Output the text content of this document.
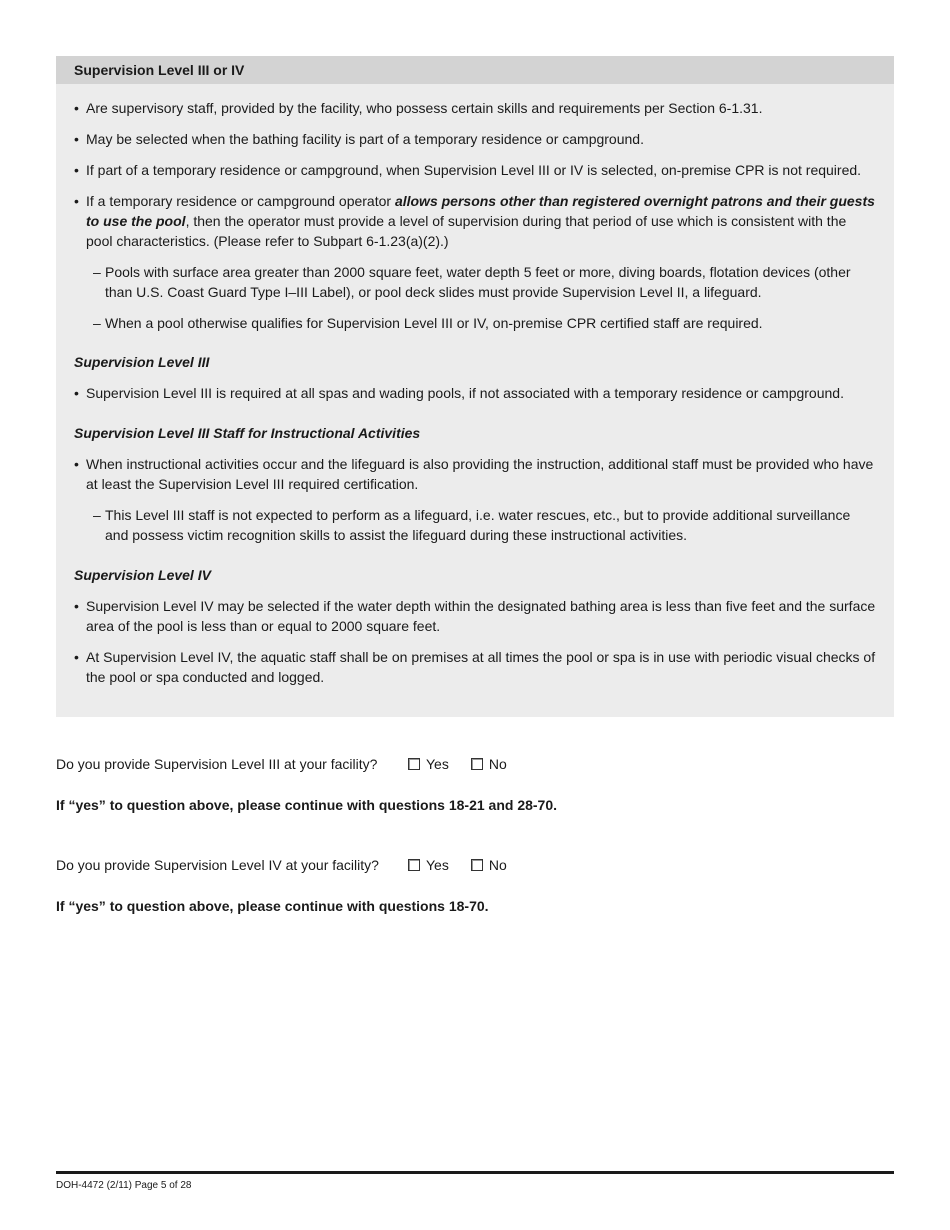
Supervision Level III or IV
• Are supervisory staff, provided by the facility, who possess certain skills and requirements per Section 6-1.31.
• May be selected when the bathing facility is part of a temporary residence or campground.
• If part of a temporary residence or campground, when Supervision Level III or IV is selected, on-premise CPR is not required.
• If a temporary residence or campground operator allows persons other than registered overnight patrons and their guests to use the pool, then the operator must provide a level of supervision during that period of use which is consistent with the pool characteristics. (Please refer to Subpart 6-1.23(a)(2).)
– Pools with surface area greater than 2000 square feet, water depth 5 feet or more, diving boards, flotation devices (other than U.S. Coast Guard Type I–III Label), or pool deck slides must provide Supervision Level II, a lifeguard.
– When a pool otherwise qualifies for Supervision Level III or IV, on-premise CPR certified staff are required.
Supervision Level III
• Supervision Level III is required at all spas and wading pools, if not associated with a temporary residence or campground.
Supervision Level III Staff for Instructional Activities
• When instructional activities occur and the lifeguard is also providing the instruction, additional staff must be provided who have at least the Supervision Level III required certification.
– This Level III staff is not expected to perform as a lifeguard, i.e. water rescues, etc., but to provide additional surveillance and possess victim recognition skills to assist the lifeguard during these instructional activities.
Supervision Level IV
• Supervision Level IV may be selected if the water depth within the designated bathing area is less than five feet and the surface area of the pool is less than or equal to 2000 square feet.
• At Supervision Level IV, the aquatic staff shall be on premises at all times the pool or spa is in use with periodic visual checks of the pool or spa conducted and logged.
Do you provide Supervision Level III at your facility?	Yes	No
If “yes” to question above, please continue with questions 18-21 and 28-70.
Do you provide Supervision Level IV at your facility?	Yes	No
If “yes” to question above, please continue with questions 18-70.
DOH-4472 (2/11) Page 5 of 28
